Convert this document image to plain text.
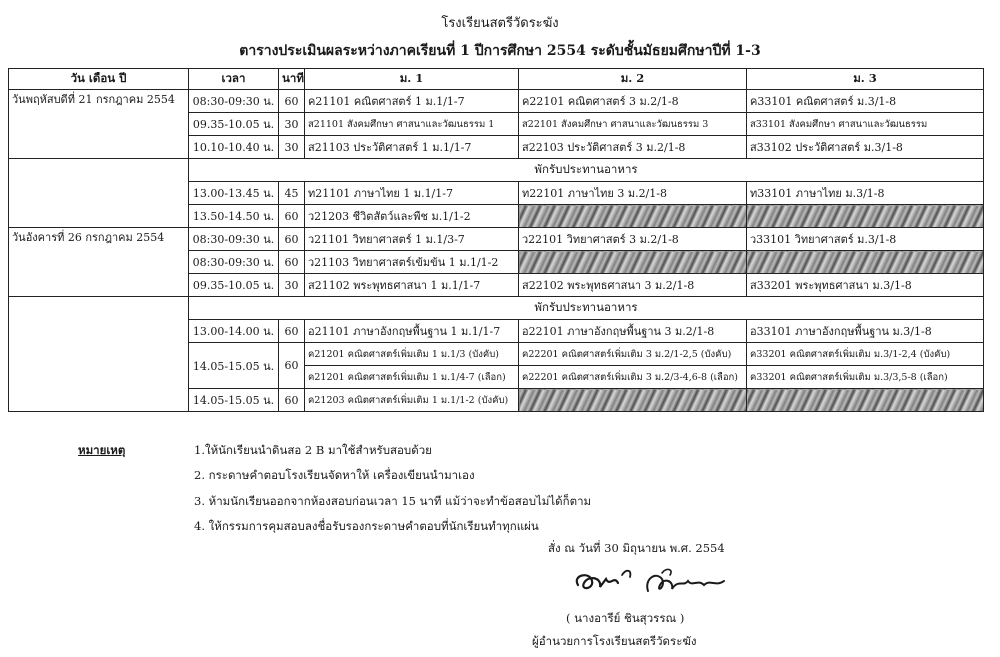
โรงเรียนสตรีวัดระฆัง
ตารางประเมินผลระหว่างภาคเรียนที่ 1 ปีการศึกษา 2554 ระดับชั้นมัธยมศึกษาปีที่ 1-3
วัน เดือน ปี	เวลา	นาที	ม. 1	ม. 2	ม. 3
วันพฤหัสบดีที่ 21 กรกฎาคม 2554	08:30-09:30 น.	60	ค21101 คณิตศาสตร์ 1 ม.1/1-7	ค22101 คณิตศาสตร์ 3 ม.2/1-8	ค33101 คณิตศาสตร์ ม.3/1-8
	09.35-10.05 น.	30	ส21101 สังคมศึกษา ศาสนาและวัฒนธรรม 1	ส22101 สังคมศึกษา ศาสนาและวัฒนธรรม 3	ส33101 สังคมศึกษา ศาสนาและวัฒนธรรม
	10.10-10.40 น.	30	ส21103 ประวัติศาสตร์ 1 ม.1/1-7	ส22103 ประวัติศาสตร์ 3 ม.2/1-8	ส33102 ประวัติศาสตร์ ม.3/1-8
	พักรับประทานอาหาร				
	13.00-13.45 น.	45	ท21101 ภาษาไทย 1 ม.1/1-7	ท22101 ภาษาไทย 3 ม.2/1-8	ท33101 ภาษาไทย ม.3/1-8
	13.50-14.50 น.	60	ว21203 ชีวิตสัตว์และพืช ม.1/1-2		
วันอังคารที่ 26 กรกฎาคม 2554	08:30-09:30 น.	60	ว21101 วิทยาศาสตร์ 1 ม.1/3-7	ว22101 วิทยาศาสตร์ 3 ม.2/1-8	ว33101 วิทยาศาสตร์ ม.3/1-8
	08:30-09:30 น.	60	ว21103 วิทยาศาสตร์เข้มข้น 1 ม.1/1-2		
	09.35-10.05 น.	30	ส21102 พระพุทธศาสนา 1 ม.1/1-7	ส22102 พระพุทธศาสนา 3 ม.2/1-8	ส33201 พระพุทธศาสนา ม.3/1-8
	พักรับประทานอาหาร				
	13.00-14.00 น.	60	อ21101 ภาษาอังกฤษพื้นฐาน 1 ม.1/1-7	อ22101 ภาษาอังกฤษพื้นฐาน 3 ม.2/1-8	อ33101 ภาษาอังกฤษพื้นฐาน ม.3/1-8
	14.05-15.05 น.	60	ค21201 คณิตศาสตร์เพิ่มเติม 1 ม.1/3 (บังคับ)	ค22201 คณิตศาสตร์เพิ่มเติม 3 ม.2/1-2,5 (บังคับ)	ค33201 คณิตศาสตร์เพิ่มเติม ม.3/1-2,4 (บังคับ)
			ค21201 คณิตศาสตร์เพิ่มเติม 1 ม.1/4-7 (เลือก)	ค22201 คณิตศาสตร์เพิ่มเติม 3 ม.2/3-4,6-8 (เลือก)	ค33201 คณิตศาสตร์เพิ่มเติม ม.3/3,5-8 (เลือก)
	14.05-15.05 น.	60	ค21203 คณิตศาสตร์เพิ่มเติม 1 ม.1/1-2 (บังคับ)		
หมายเหตุ	1.ให้นักเรียนนำดินสอ 2 B มาใช้สำหรับสอบด้วย
2. กระดาษคำตอบโรงเรียนจัดหาให้ เครื่องเขียนนำมาเอง
3. ห้ามนักเรียนออกจากห้องสอบก่อนเวลา 15 นาที แม้ว่าจะทำข้อสอบไม่ได้ก็ตาม
4. ให้กรรมการคุมสอบลงชื่อรับรองกระดาษคำตอบที่นักเรียนทำทุกแผ่น
สั่ง ณ วันที่ 30 มิถุนายน พ.ศ. 2554
( นางอารีย์ ชินสุวรรณ )
ผู้อำนวยการโรงเรียนสตรีวัดระฆัง
